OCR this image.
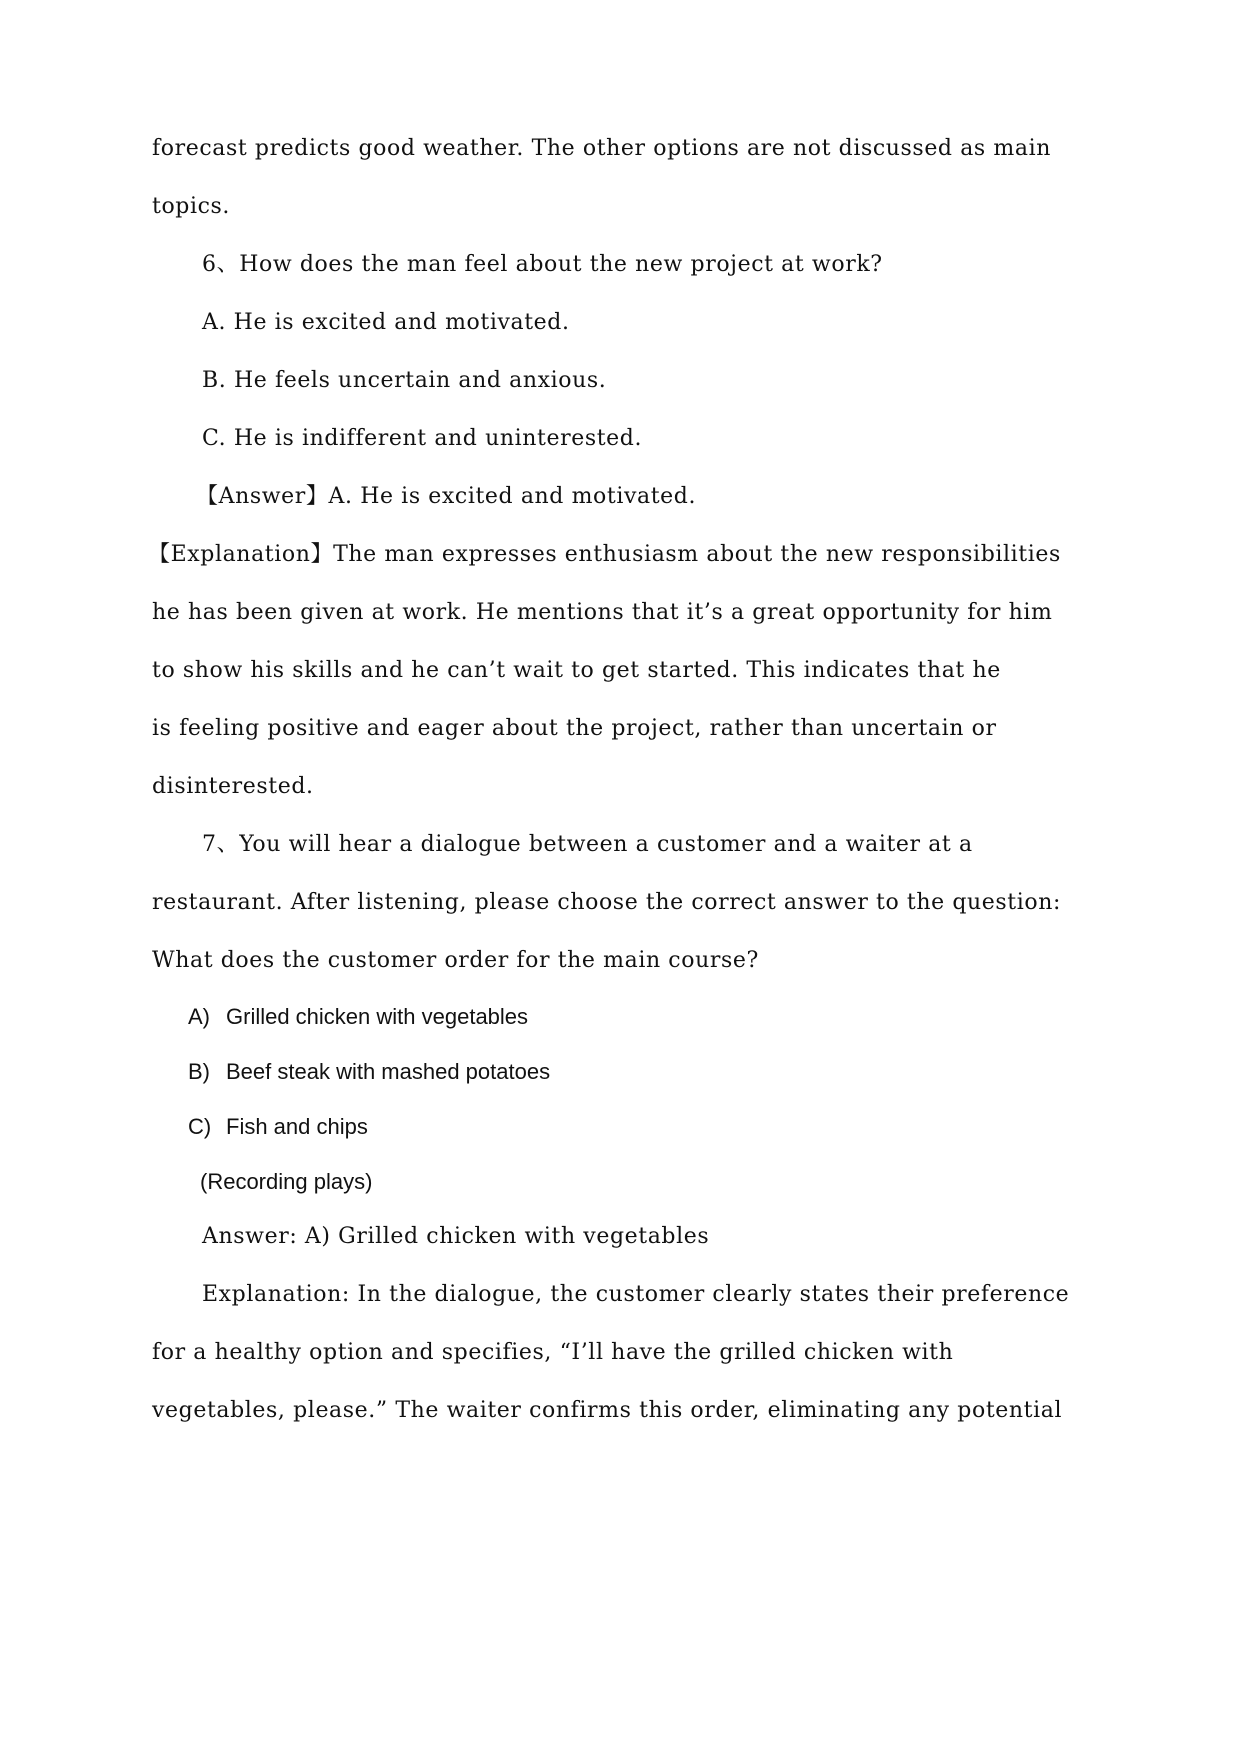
forecast predicts good weather. The other options are not discussed as main
topics.
6、How does the man feel about the new project at work?
A. He is excited and motivated.
B. He feels uncertain and anxious.
C. He is indifferent and uninterested.
【Answer】A. He is excited and motivated.
【Explanation】The man expresses enthusiasm about the new responsibilities
he has been given at work. He mentions that it’s a great opportunity for him
to show his skills and he can’t wait to get started. This indicates that he
is feeling positive and eager about the project, rather than uncertain or
disinterested.
7、You will hear a dialogue between a customer and a waiter at a
restaurant. After listening, please choose the correct answer to the question:
What does the customer order for the main course?
A) Grilled chicken with vegetables
B) Beef steak with mashed potatoes
C) Fish and chips
(Recording plays)
Answer: A) Grilled chicken with vegetables
Explanation: In the dialogue, the customer clearly states their preference
for a healthy option and specifies, “I’ll have the grilled chicken with
vegetables, please.” The waiter confirms this order, eliminating any potential
